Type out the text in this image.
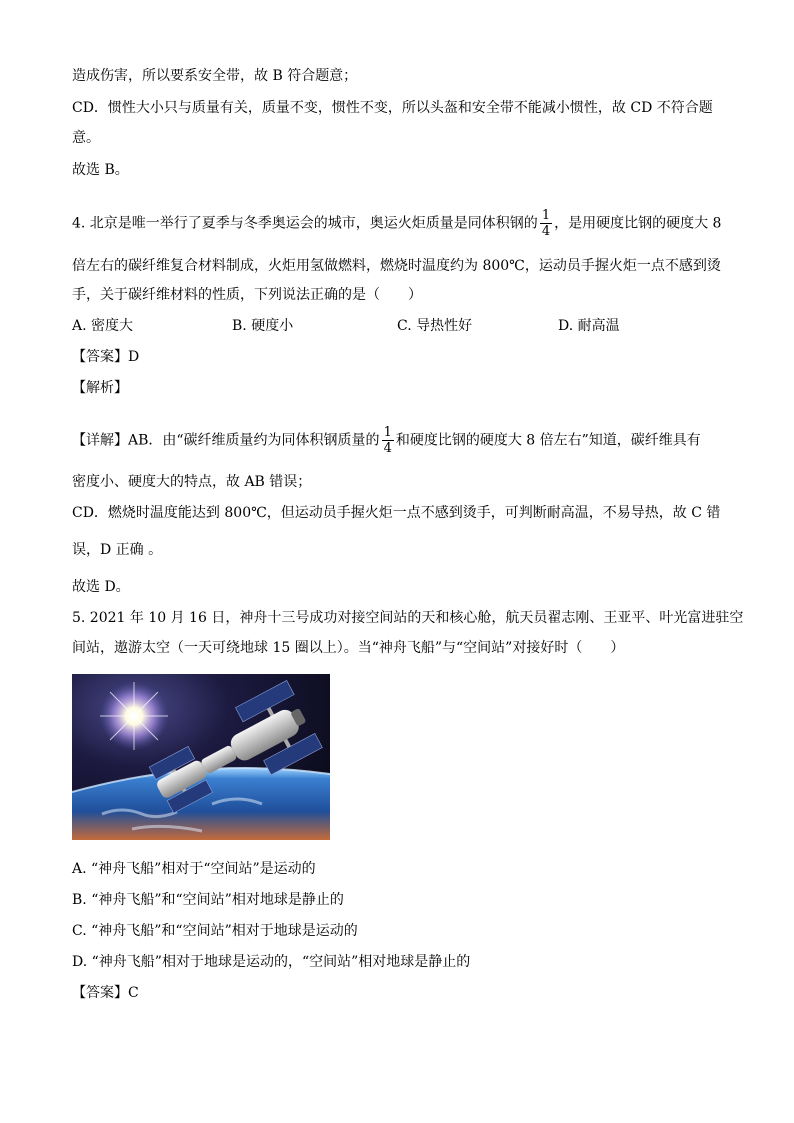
造成伤害，所以要系安全带，故 B 符合题意；
CD．惯性大小只与质量有关，质量不变，惯性不变，所以头盔和安全带不能减小惯性，故 CD 不符合题
意。
故选 B。
4. 北京是唯一举行了夏季与冬季奥运会的城市，奥运火炬质量是同体积钢的 $\frac{1}{4}$ ，是用硬度比钢的硬度大 8
倍左右的碳纤维复合材料制成，火炬用氢做燃料，燃烧时温度约为 800℃，运动员手握火炬一点不感到烫
手，关于碳纤维材料的性质，下列说法正确的是（　　）
A. 密度大	B. 硬度小	C. 导热性好	D. 耐高温
【答案】D
【解析】
【详解】AB．由“碳纤维质量约为同体积钢质量的 $\frac{1}{4}$ 和硬度比钢的硬度大 8 倍左右”知道，碳纤维具有
密度小、硬度大的特点，故 AB 错误；
CD．燃烧时温度能达到 800℃，但运动员手握火炬一点不感到烫手，可判断耐高温，不易导热，故 C 错
误，D 正确 。
故选 D。
5. 2021 年 10 月 16 日，神舟十三号成功对接空间站的天和核心舱，航天员翟志刚、王亚平、叶光富进驻空
间站，遨游太空（一天可绕地球 15 圈以上）。当“神舟飞船”与“空间站”对接好时（　　）
A. “神舟飞船”相对于“空间站”是运动的
B. “神舟飞船”和“空间站”相对地球是静止的
C. “神舟飞船”和“空间站”相对于地球是运动的
D. “神舟飞船”相对于地球是运动的，“空间站”相对地球是静止的
【答案】C
